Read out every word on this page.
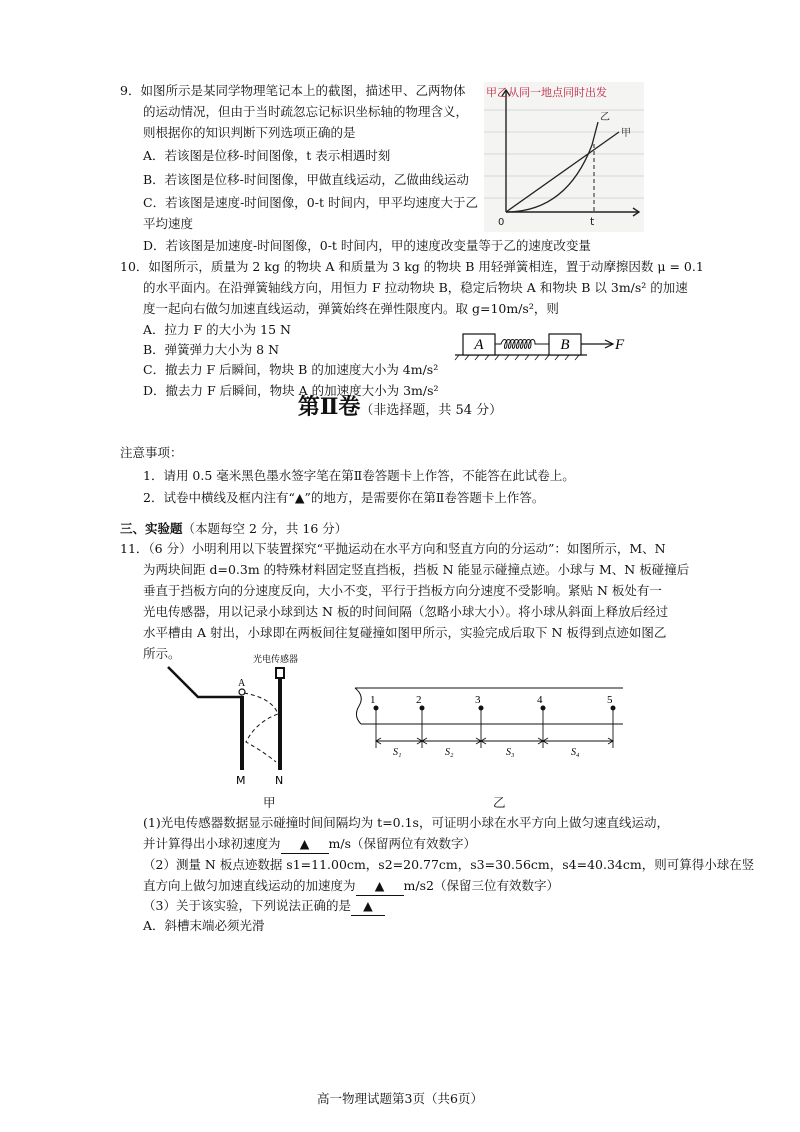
9．如图所示是某同学物理笔记本上的截图，描述甲、乙两物体
的运动情况，但由于当时疏忽忘记标识坐标轴的物理含义，
则根据你的知识判断下列选项正确的是
A．若该图是位移-时间图像，t 表示相遇时刻
B．若该图是位移-时间图像，甲做直线运动，乙做曲线运动
C．若该图是速度-时间图像，0-t 时间内，甲平均速度大于乙
平均速度
D．若该图是加速度-时间图像，0-t 时间内，甲的速度改变量等于乙的速度改变量
甲乙从同一地点同时出发
乙
甲
0	t
10．如图所示，质量为 2 kg 的物块 A 和质量为 3 kg 的物块 B 用轻弹簧相连，置于动摩擦因数 μ = 0.1
的水平面内。在沿弹簧轴线方向，用恒力 F 拉动物块 B，稳定后物块 A 和物块 B 以 3m/s² 的加速
度一起向右做匀加速直线运动，弹簧始终在弹性限度内。取 g=10m/s²，则
A．拉力 F 的大小为 15 N
B．弹簧弹力大小为 8 N
C．撤去力 F 后瞬间，物块 B 的加速度大小为 4m/s²
D．撤去力 F 后瞬间，物块 A 的加速度大小为 3m/s²
A	B	F
第Ⅱ卷（非选择题，共 54 分）
注意事项：
1．请用 0.5 毫米黑色墨水签字笔在第Ⅱ卷答题卡上作答，不能答在此试卷上。
2．试卷中横线及框内注有“▲”的地方，是需要你在第Ⅱ卷答题卡上作答。
三、实验题（本题每空 2 分，共 16 分）
11．（6 分）小明利用以下装置探究“平抛运动在水平方向和竖直方向的分运动”：如图所示，M、N
为两块间距 d=0.3m 的特殊材料固定竖直挡板，挡板 N 能显示碰撞点迹。小球与 M、N 板碰撞后
垂直于挡板方向的分速度反向，大小不变，平行于挡板方向分速度不受影响。紧贴 N 板处有一
光电传感器，用以记录小球到达 N 板的时间间隔（忽略小球大小）。将小球从斜面上释放后经过
水平槽由 A 射出，小球即在两板间往复碰撞如图甲所示，实验完成后取下 N 板得到点迹如图乙
所示。	光电传感器
A
M	N
甲
1	2	3	4	5
S₁	S₂	S₃	S₄
乙
(1)光电传感器数据显示碰撞时间间隔均为 t=0.1s，可证明小球在水平方向上做匀速直线运动，
并计算得出小球初速度为 ▲ m/s（保留两位有效数字）
（2）测量 N 板点迹数据 s1=11.00cm，s2=20.77cm，s3=30.56cm，s4=40.34cm，则可算得小球在竖
直方向上做匀加速直线运动的加速度为 ▲ m/s2（保留三位有效数字）
（3）关于该实验，下列说法正确的是 ▲
A．斜槽末端必须光滑
高一物理试题第3页（共6页）
